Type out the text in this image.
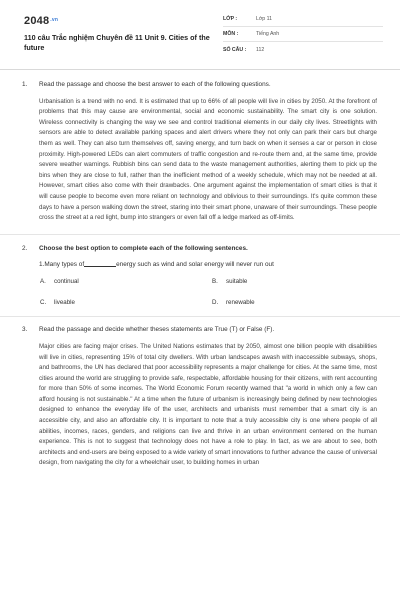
$2048^{.vn}$
110 câu Trắc nghiệm Chuyên đề 11 Unit 9. Cities of the future
LỚP :	Lớp 11
MÔN :	Tiếng Anh
SỐ CÂU :	112
1.	Read the passage and choose the best answer to each of the following questions.

Urbanisation is a trend with no end. It is estimated that up to 66% of all people will live in cities by 2050. At the forefront of problems that this may cause are environmental, social and economic sustainability. The smart city is one solution. Wireless connectivity is changing the way we see and control traditional elements in our daily city lives. Streetlights with sensors are able to detect available parking spaces and alert drivers where they not only can park their cars but charge them as well. They can also turn themselves off, saving energy, and turn back on when it senses a car or person in close proximity. High-powered LEDs can alert commuters of traffic congestion and re-route them and, at the same time, provide severe weather warnings. Rubbish bins can send data to the waste management authorities, alerting them to pick up the bins when they are close to full, rather than the inefficient method of a weekly schedule, which may not be needed at all. However, smart cities also come with their drawbacks. One argument against the implementation of smart cities is that it will cause people to become even more reliant on technology and oblivious to their surroundings. It's quite common these days to have a person walking down the street, staring into their smart phone, unaware of their surroundings. These people cross the street at a red light, bump into strangers or even fall off a ledge marked as off-limits.

2.	Choose the best option to complete each of the following sentences.
1.Many types of	energy such as wind and solar energy will never run out
A.	continual	B.	suitable
C.	liveable	D.	renewable
3.	Read the passage and decide whether theses statements are True (T) or False (F).

Major cities are facing major crises. The United Nations estimates that by 2050, almost one billion people with disabilities will live in cities, representing 15% of total city dwellers. With urban landscapes awash with inaccessible subways, shops, and bathrooms, the UN has declared that poor accessibility represents a major challenge for cities. At the same time, most cities around the world are struggling to provide safe, respectable, affordable housing for their citizens, with rent accounting for more than 50% of some incomes. The World Economic Forum recently warned that "a world in which only a few can afford housing is not sustainable." At a time when the future of urbanism is increasingly being defined by new technologies designed to enhance the everyday life of the user, architects and urbanists must remember that a smart city is an accessible city, and also an affordable city. It is important to note that a truly accessible city is one where people of all abilities, incomes, races, genders, and religions can live and thrive in an urban environment centered on the human experience. This is not to suggest that technology does not have a role to play. In fact, as we are about to see, both architects and end-users are being exposed to a wide variety of smart innovations to further advance the cause of universal design, from navigating the city for a wheelchair user, to building homes in urban
